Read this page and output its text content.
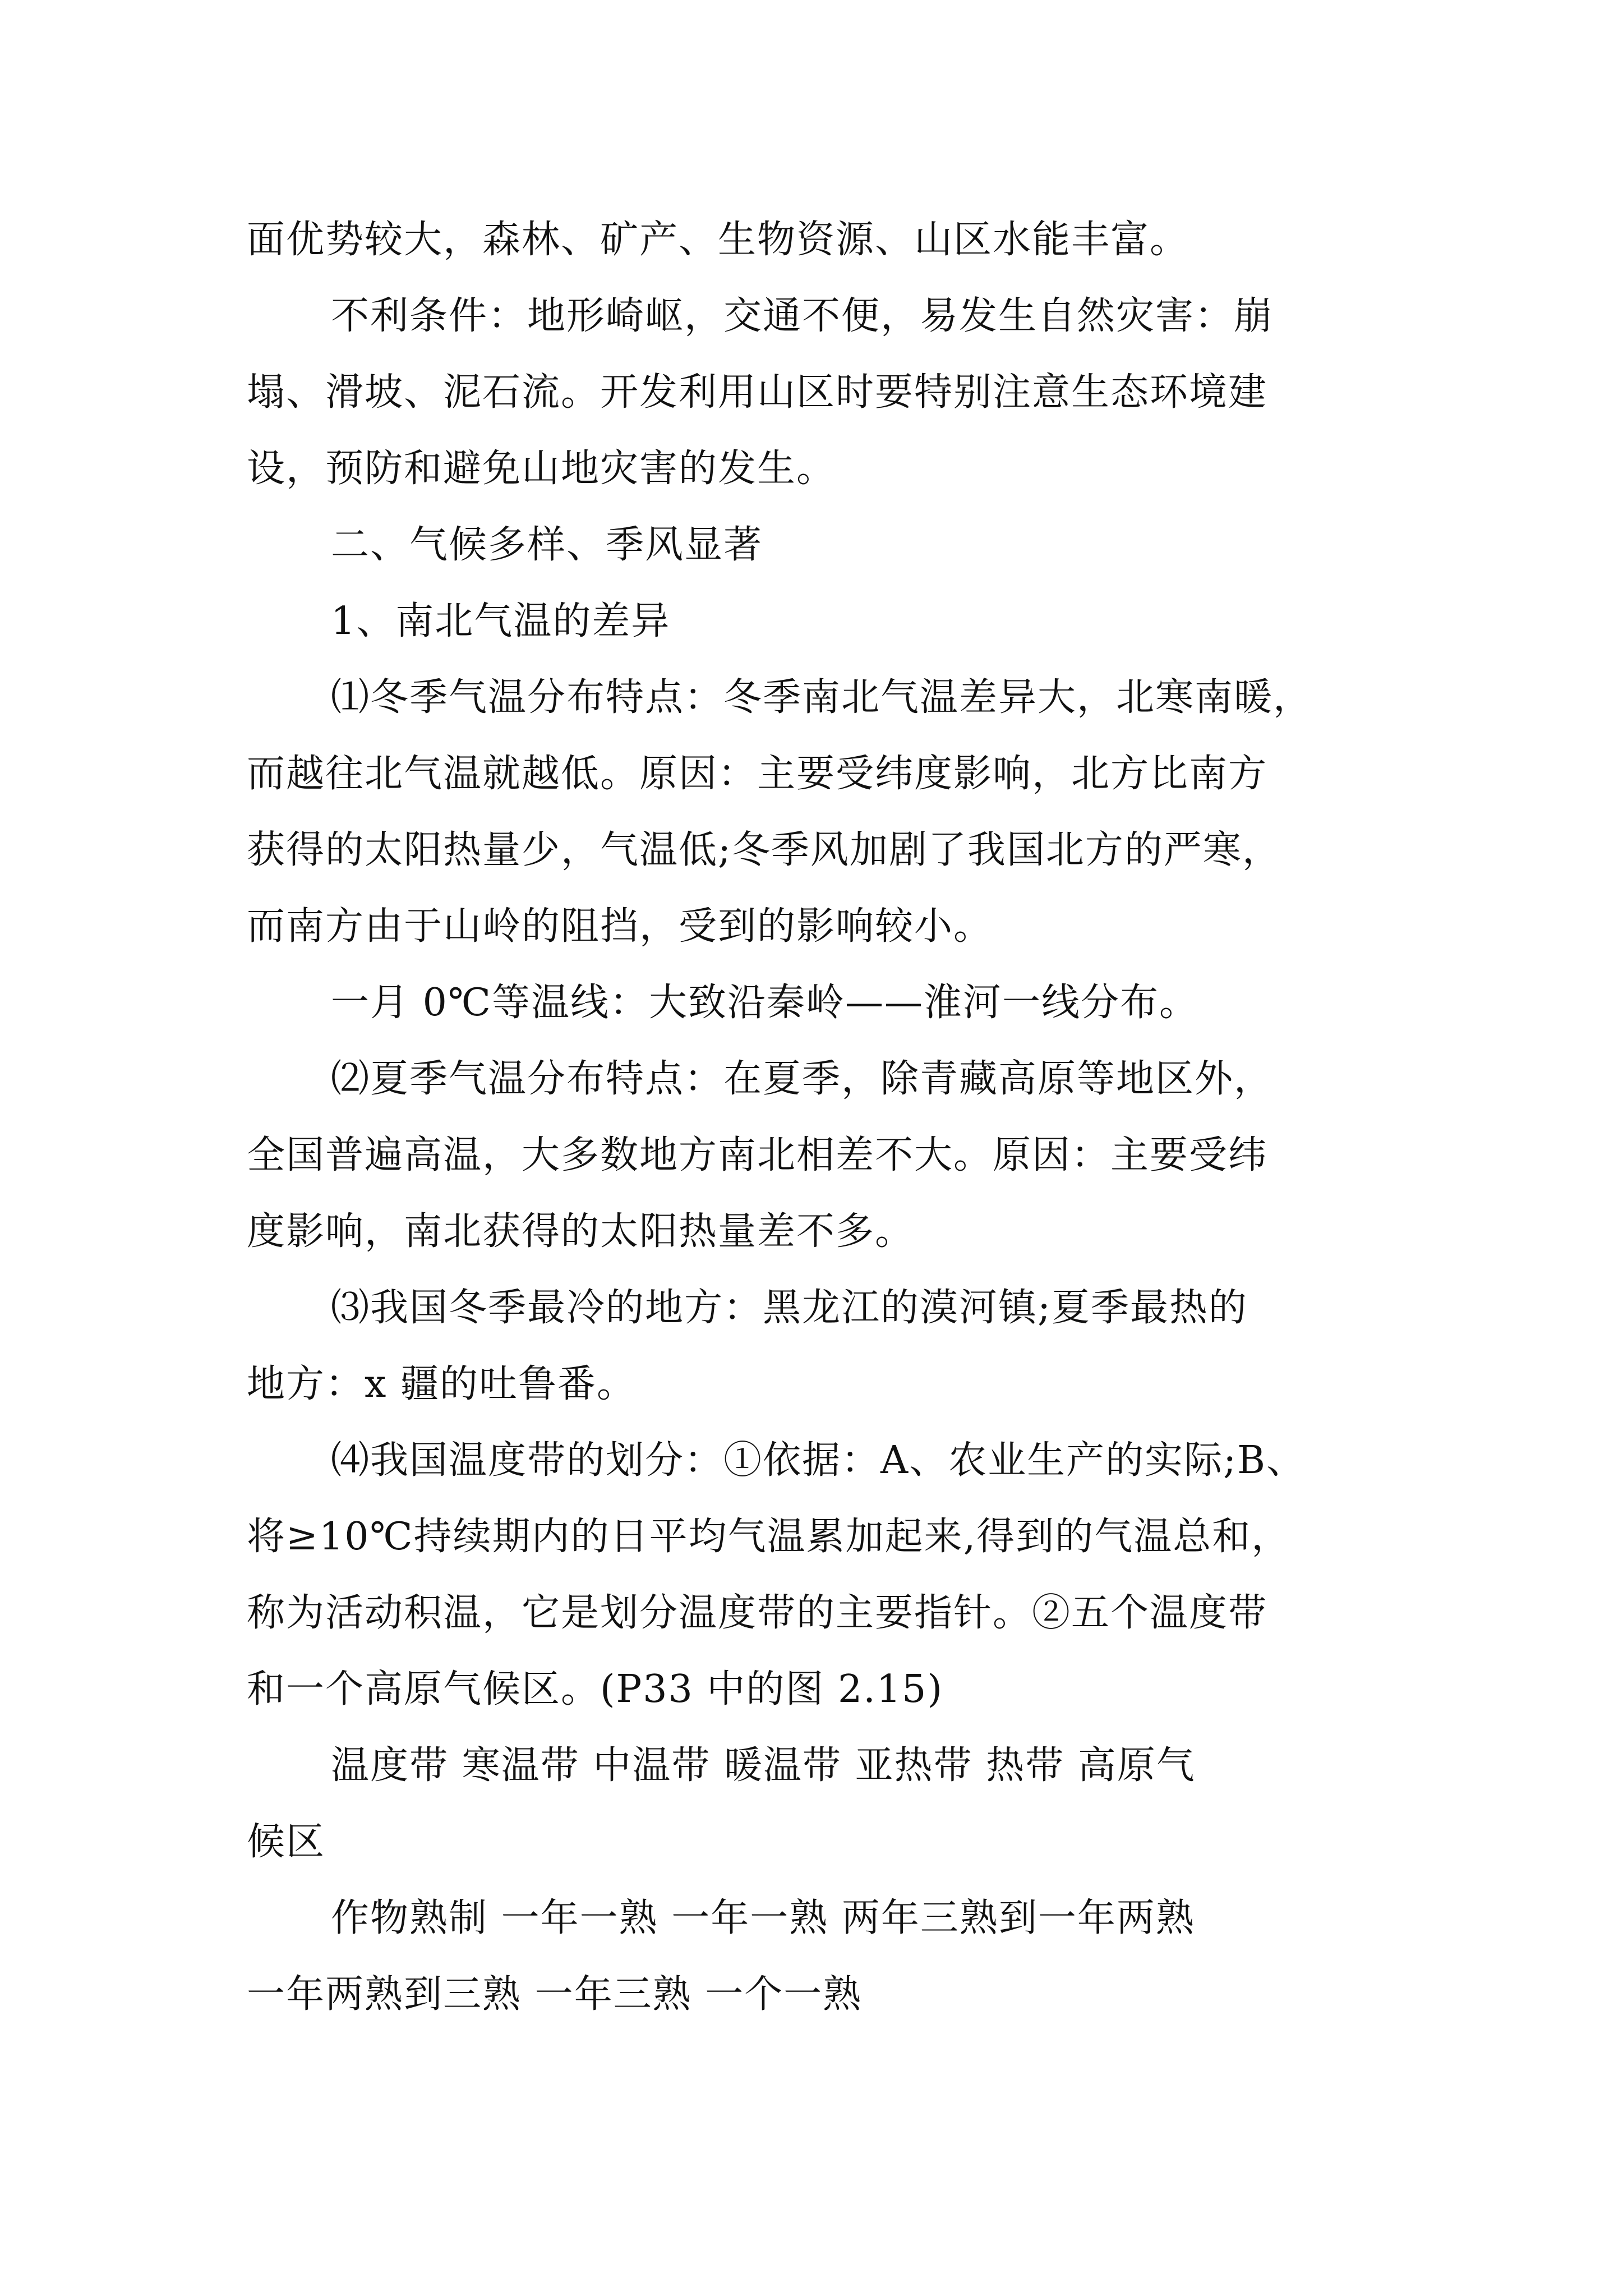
面优势较大，森林、矿产、生物资源、山区水能丰富。
不利条件：地形崎岖，交通不便，易发生自然灾害：崩
塌、滑坡、泥石流。开发利用山区时要特别注意生态环境建
设，预防和避免山地灾害的发生。
二、气候多样、季风显著
1、南北气温的差异
⑴冬季气温分布特点：冬季南北气温差异大，北寒南暖，
而越往北气温就越低。原因：主要受纬度影响，北方比南方
获得的太阳热量少，气温低;冬季风加剧了我国北方的严寒，
而南方由于山岭的阻挡，受到的影响较小。
一月 0℃等温线：大致沿秦岭——淮河一线分布。
⑵夏季气温分布特点：在夏季，除青藏高原等地区外，
全国普遍高温，大多数地方南北相差不大。原因：主要受纬
度影响，南北获得的太阳热量差不多。
⑶我国冬季最冷的地方：黑龙江的漠河镇;夏季最热的
地方：x 疆的吐鲁番。
⑷我国温度带的划分：①依据：A、农业生产的实际;B、
将≥10℃持续期内的日平均气温累加起来,得到的气温总和，
称为活动积温，它是划分温度带的主要指针。②五个温度带
和一个高原气候区。(P33 中的图 2.15)
温度带 寒温带 中温带 暖温带 亚热带 热带 高原气
候区
作物熟制 一年一熟 一年一熟 两年三熟到一年两熟
一年两熟到三熟 一年三熟 一个一熟
